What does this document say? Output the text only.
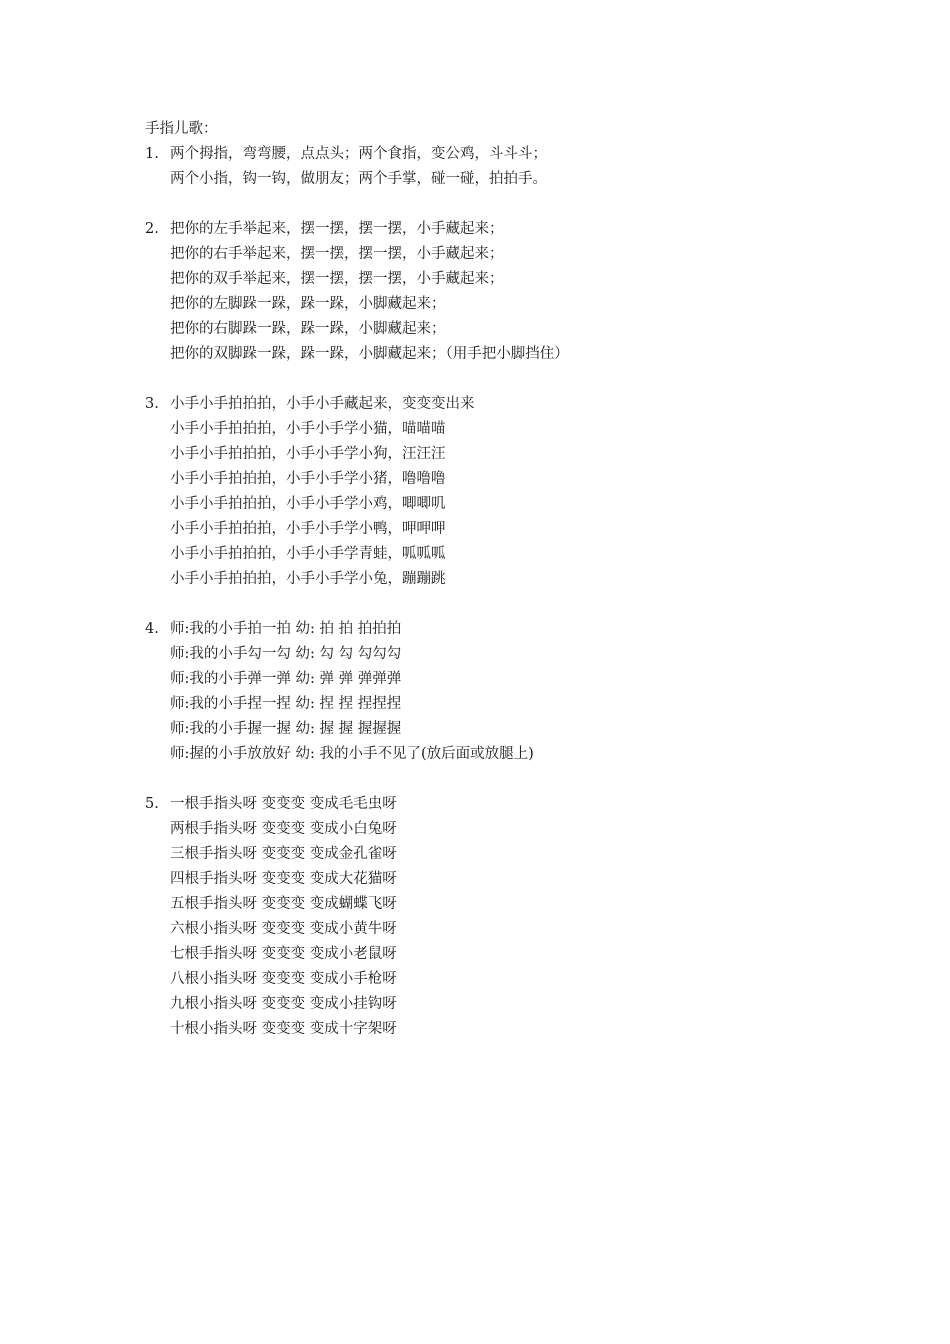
手指儿歌：
1. 两个拇指，弯弯腰，点点头；两个食指，变公鸡，斗斗斗；
两个小指，钩一钩，做朋友；两个手掌，碰一碰，拍拍手。
2. 把你的左手举起来，摆一摆，摆一摆，小手藏起来；
把你的右手举起来，摆一摆，摆一摆，小手藏起来；
把你的双手举起来，摆一摆，摆一摆，小手藏起来；
把你的左脚跺一跺，跺一跺，小脚藏起来；
把你的右脚跺一跺，跺一跺，小脚藏起来；
把你的双脚跺一跺，跺一跺，小脚藏起来；（用手把小脚挡住）
3. 小手小手拍拍拍，小手小手藏起来，变变变出来
小手小手拍拍拍，小手小手学小猫，喵喵喵
小手小手拍拍拍，小手小手学小狗，汪汪汪
小手小手拍拍拍，小手小手学小猪，噜噜噜
小手小手拍拍拍，小手小手学小鸡，唧唧叽
小手小手拍拍拍，小手小手学小鸭，呷呷呷
小手小手拍拍拍，小手小手学青蛙，呱呱呱
小手小手拍拍拍，小手小手学小兔，蹦蹦跳
4. 师:我的小手拍一拍 幼: 拍 拍 拍拍拍
师:我的小手勾一勾 幼: 勾 勾 勾勾勾
师:我的小手弹一弹 幼: 弹 弹 弹弹弹
师:我的小手捏一捏 幼: 捏 捏 捏捏捏
师:我的小手握一握 幼: 握 握 握握握
师:握的小手放放好 幼: 我的小手不见了(放后面或放腿上)
5. 一根手指头呀 变变变 变成毛毛虫呀
两根手指头呀 变变变 变成小白兔呀
三根手指头呀 变变变 变成金孔雀呀
四根手指头呀 变变变 变成大花猫呀
五根手指头呀 变变变 变成蝴蝶飞呀
六根小指头呀 变变变 变成小黄牛呀
七根手指头呀 变变变 变成小老鼠呀
八根小指头呀 变变变 变成小手枪呀
九根小指头呀 变变变 变成小挂钩呀
十根小指头呀 变变变 变成十字架呀
